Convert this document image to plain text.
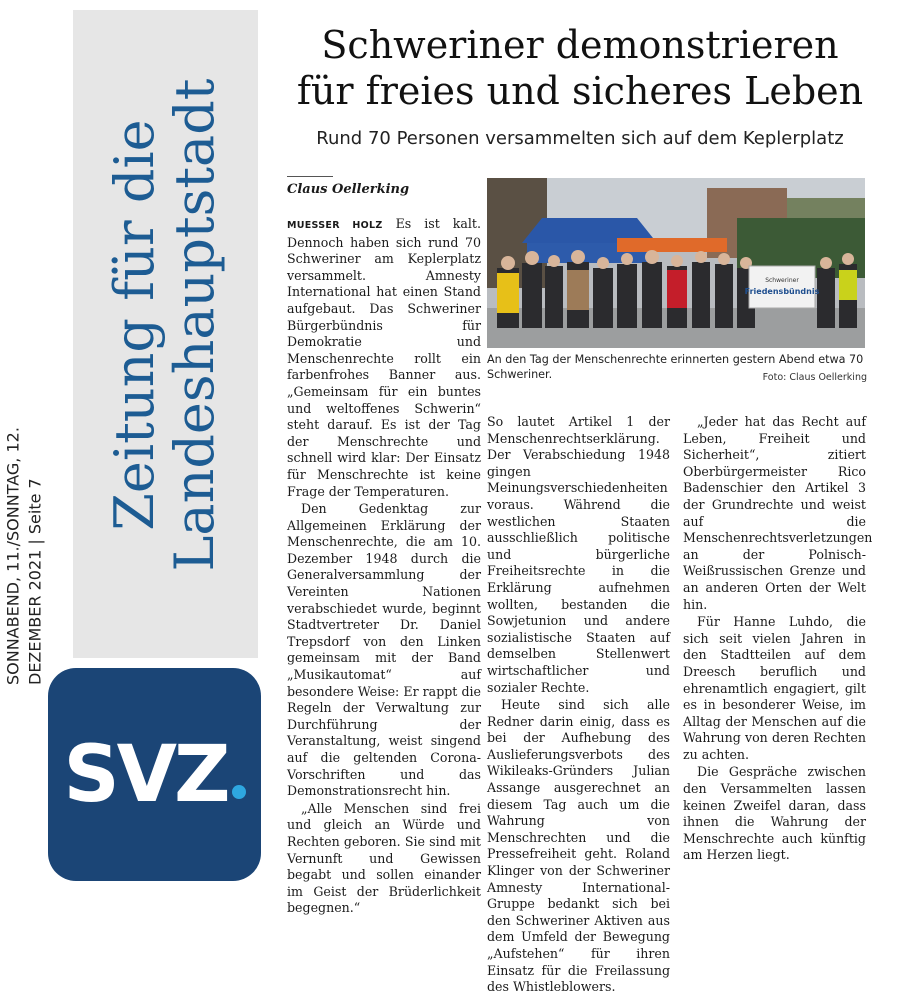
Zeitung für die
Landeshauptstadt
SONNABEND, 11./SONNTAG, 12. DEZEMBER 2021 | Seite 7
SVZ
Schweriner demonstrieren
für freies und sicheres Leben
Rund 70 Personen versammelten sich auf dem Keplerplatz
Claus Oellerking

MUESSER HOLZ Es ist kalt. Dennoch haben sich rund 70 Schweriner am Keplerplatz versammelt. Amnesty International hat einen Stand aufgebaut. Das Schweriner Bürgerbündnis für Demokratie und Menschenrechte rollt ein farbenfrohes Banner aus. „Gemeinsam für ein buntes und weltoffenes Schwerin“ steht darauf. Es ist der Tag der Menschrechte und schnell wird klar: Der Einsatz für Menschrechte ist keine Frage der Temperaturen.

Den Gedenktag zur Allgemeinen Erklärung der Menschenrechte, die am 10. Dezember 1948 durch die Generalversammlung der Vereinten Nationen verabschiedet wurde, beginnt Stadtvertreter Dr. Daniel Trepsdorf von den Linken gemeinsam mit der Band „Musikautomat“ auf besondere Weise: Er rappt die Regeln der Verwaltung zur Durchführung der Veranstaltung, weist singend auf die geltenden Corona-Vorschriften und das Demonstrationsrecht hin.

„Alle Menschen sind frei und gleich an Würde und Rechten geboren. Sie sind mit Vernunft und Gewissen begabt und sollen einander im Geist der Brüderlichkeit begegnen.“

Schweriner
Friedensbündnis
An den Tag der Menschenrechte erinnerten gestern Abend etwa 70 Schweriner.	Foto: Claus Oellerking

So lautet Artikel 1 der Menschenrechtserklärung. Der Verabschiedung 1948 gingen Meinungsverschiedenheiten voraus. Während die westlichen Staaten ausschließlich politische und bürgerliche Freiheitsrechte in die Erklärung aufnehmen wollten, bestanden die Sowjetunion und andere sozialistische Staaten auf demselben Stellenwert wirtschaftlicher und sozialer Rechte.

Heute sind sich alle Redner darin einig, dass es bei der Aufhebung des Auslieferungsverbots des Wikileaks-Gründers Julian Assange ausgerechnet an diesem Tag auch um die Wahrung von Menschrechten und die Pressefreiheit geht. Roland Klinger von der Schweriner Amnesty International-Gruppe bedankt sich bei den Schweriner Aktiven aus dem Umfeld der Bewegung „Aufstehen“ für ihren Einsatz für die Freilassung des Whistleblowers.

„Jeder hat das Recht auf Leben, Freiheit und Sicherheit“, zitiert Oberbürgermeister Rico Badenschier den Artikel 3 der Grundrechte und weist auf die Menschenrechtsverletzungen an der Polnisch-Weißrussischen Grenze und an anderen Orten der Welt hin.

Für Hanne Luhdo, die sich seit vielen Jahren in den Stadtteilen auf dem Dreesch beruflich und ehrenamtlich engagiert, gilt es in besonderer Weise, im Alltag der Menschen auf die Wahrung von deren Rechten zu achten.

Die Gespräche zwischen den Versammelten lassen keinen Zweifel daran, dass ihnen die Wahrung der Menschrechte auch künftig am Herzen liegt.
